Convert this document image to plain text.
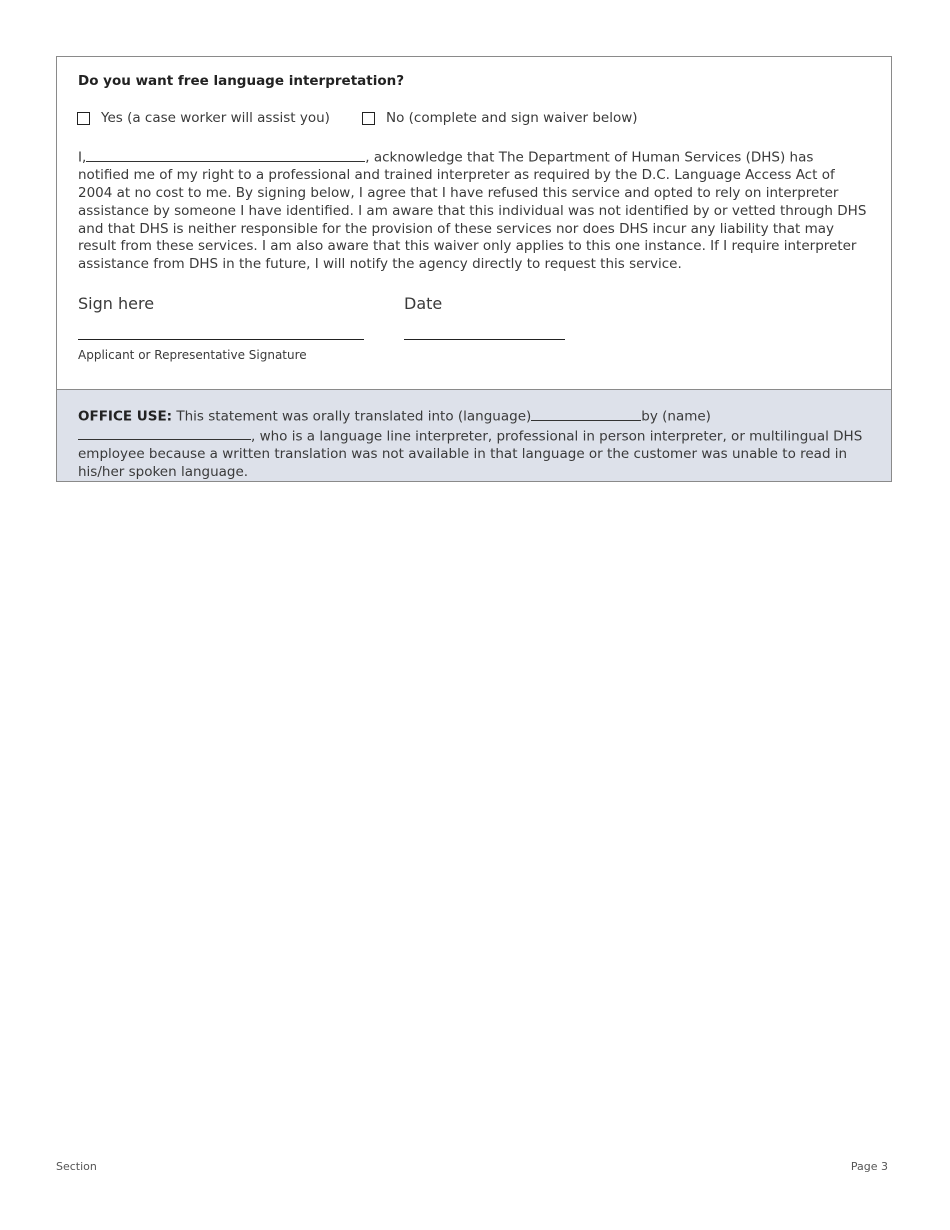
Do you want free language interpretation?
Yes (a case worker will assist you)	No (complete and sign waiver below)
I,	, acknowledge that The Department of Human Services (DHS) has notified me of my right to a professional and trained interpreter as required by the D.C. Language Access Act of 2004 at no cost to me. By signing below, I agree that I have refused this service and opted to rely on interpreter assistance by someone I have identified. I am aware that this individual was not identified by or vetted through DHS and that DHS is neither responsible for the provision of these services nor does DHS incur any liability that may result from these services. I am also aware that this waiver only applies to this one instance. If I require interpreter assistance from DHS in the future, I will notify the agency directly to request this service.
Sign here	Date
Applicant or Representative Signature
OFFICE USE: This statement was orally translated into (language)	by (name), who is a language line interpreter, professional in person interpreter, or multilingual DHS employee because a written translation was not available in that language or the customer was unable to read in his/her spoken language.
Section	Page 3
